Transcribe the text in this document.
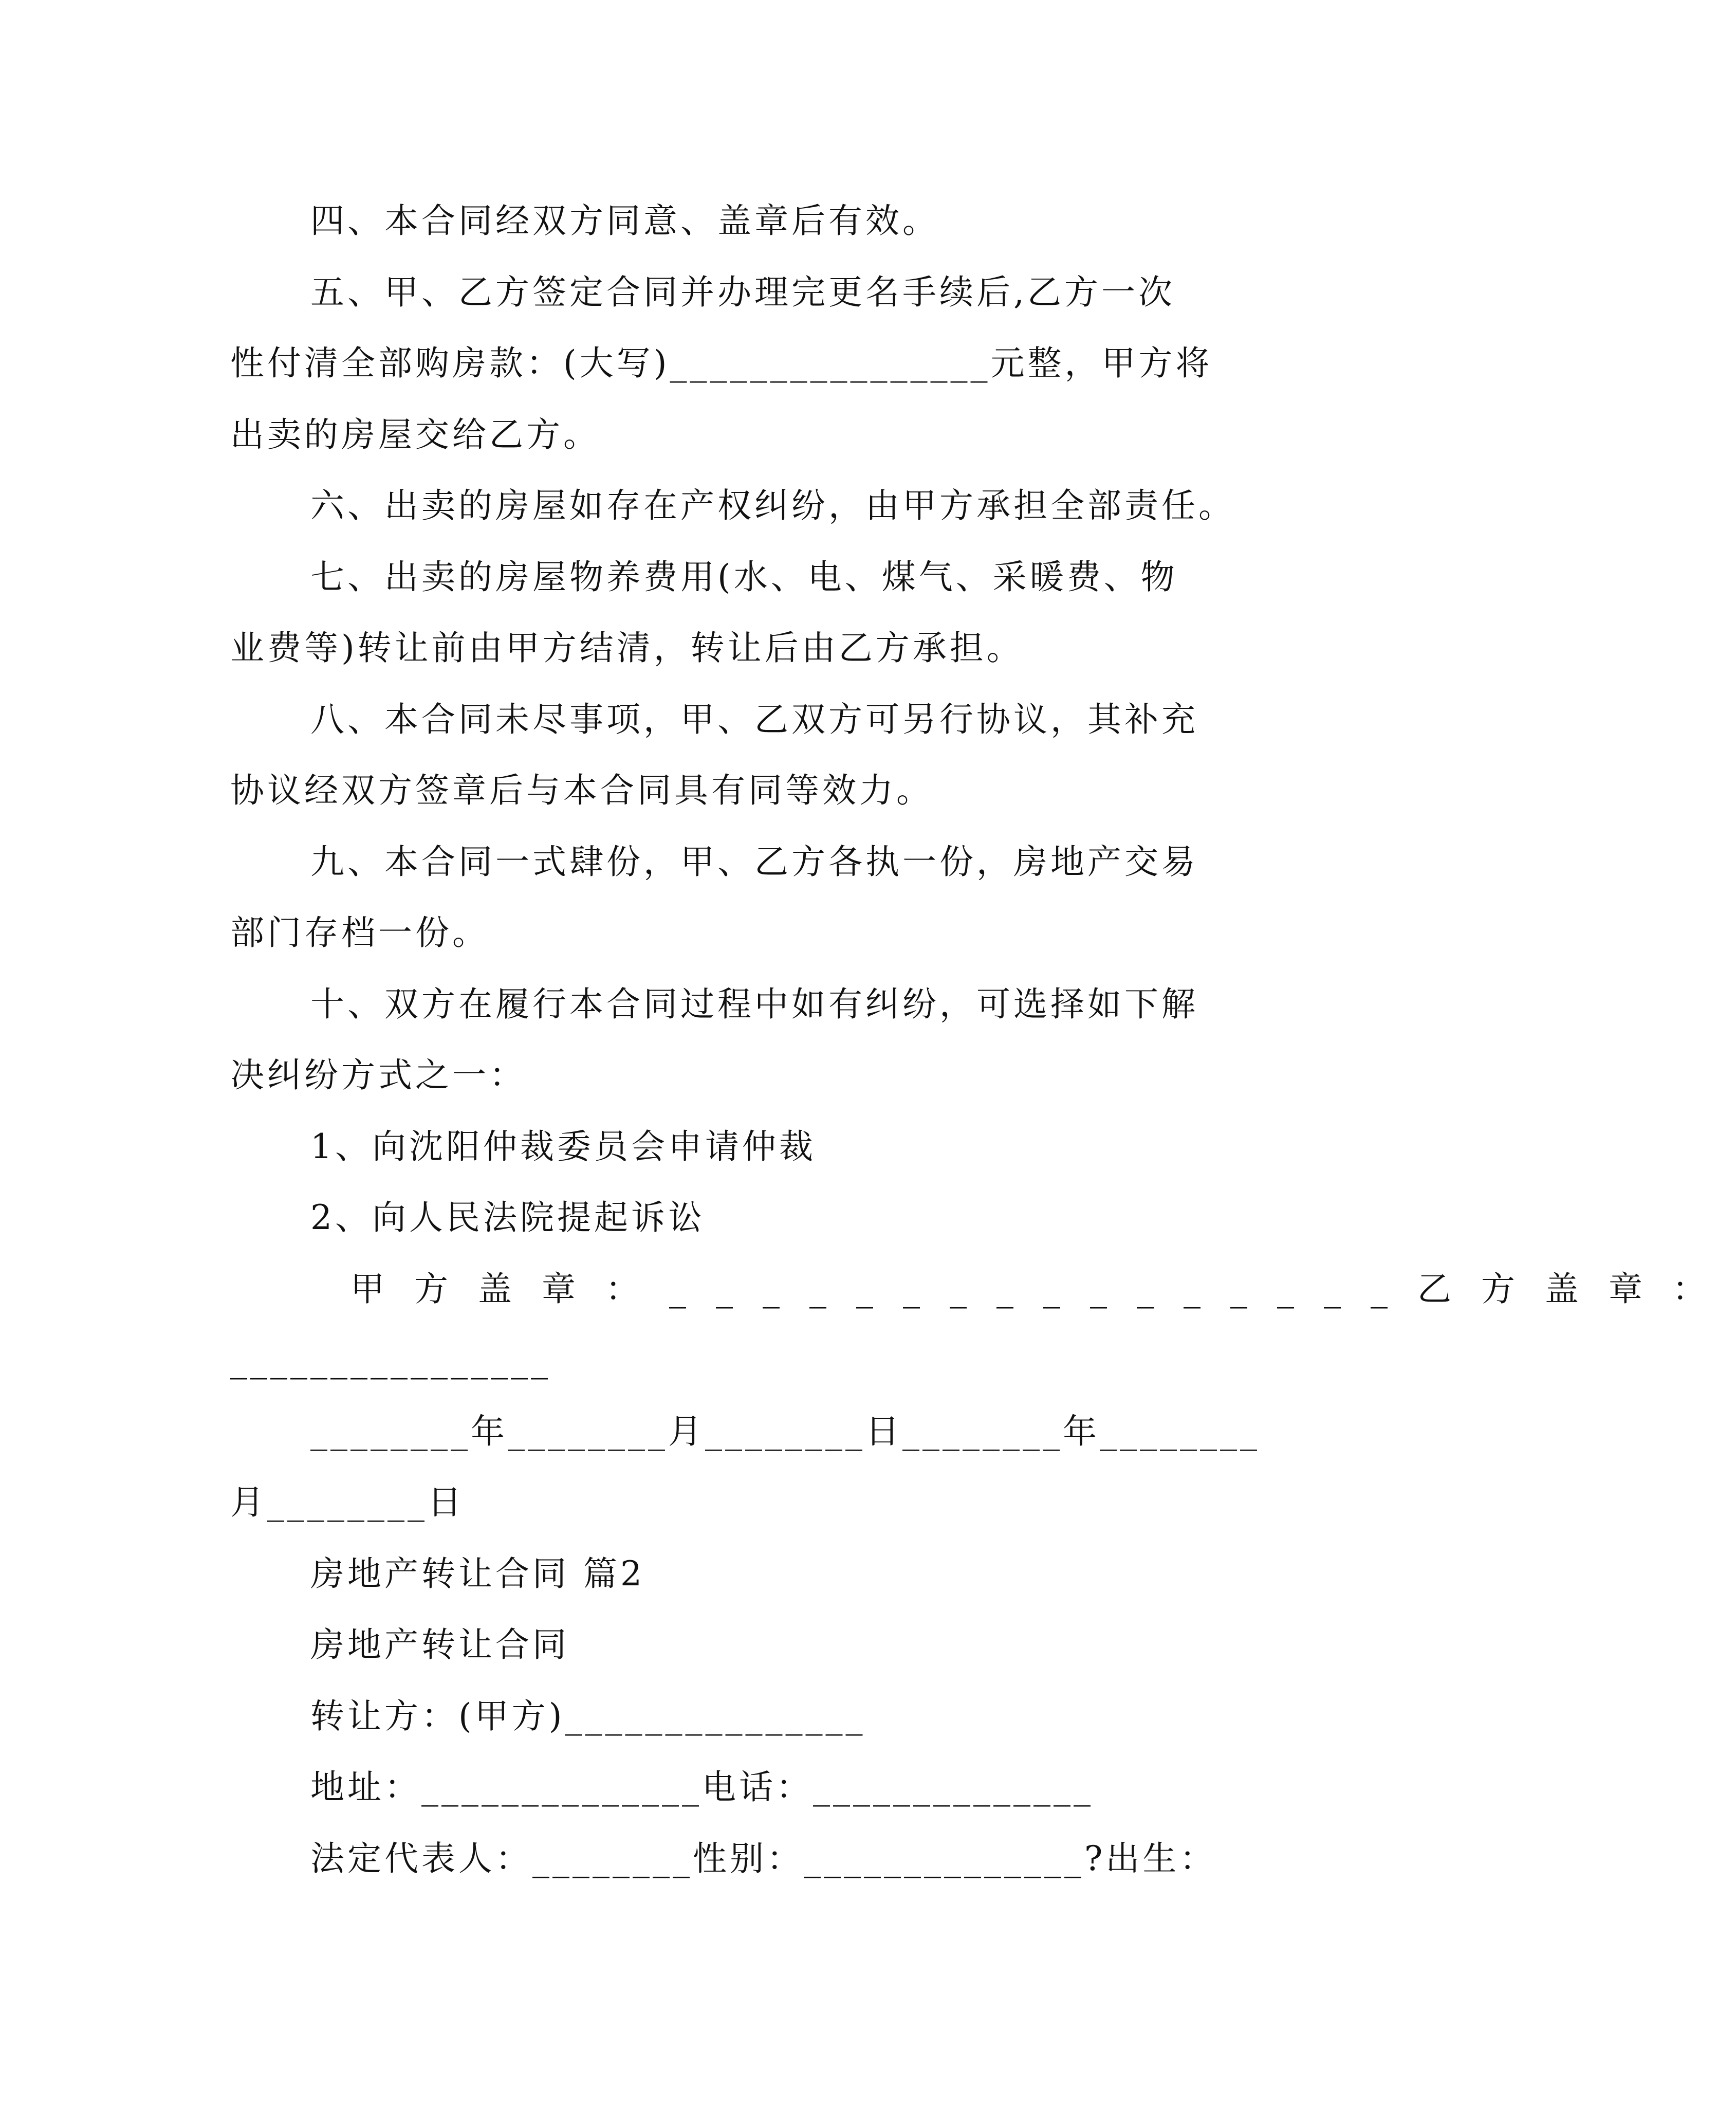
四、本合同经双方同意、盖章后有效。
五、甲、乙方签定合同并办理完更名手续后,乙方一次
性付清全部购房款：(大写)________________元整，甲方将
出卖的房屋交给乙方。
六、出卖的房屋如存在产权纠纷，由甲方承担全部责任。
七、出卖的房屋物养费用(水、电、煤气、采暖费、物
业费等)转让前由甲方结清，转让后由乙方承担。
八、本合同未尽事项，甲、乙双方可另行协议，其补充
协议经双方签章后与本合同具有同等效力。
九、本合同一式肆份，甲、乙方各执一份，房地产交易
部门存档一份。
十、双方在履行本合同过程中如有纠纷，可选择如下解
决纠纷方式之一：
1、向沈阳仲裁委员会申请仲裁
2、向人民法院提起诉讼
甲方盖章：________________乙方盖章：
________________
________年________月________日________年________
月________日
房地产转让合同 篇2
房地产转让合同
转让方：(甲方)_______________
地址：______________电话：______________
法定代表人：________性别：______________?出生：
